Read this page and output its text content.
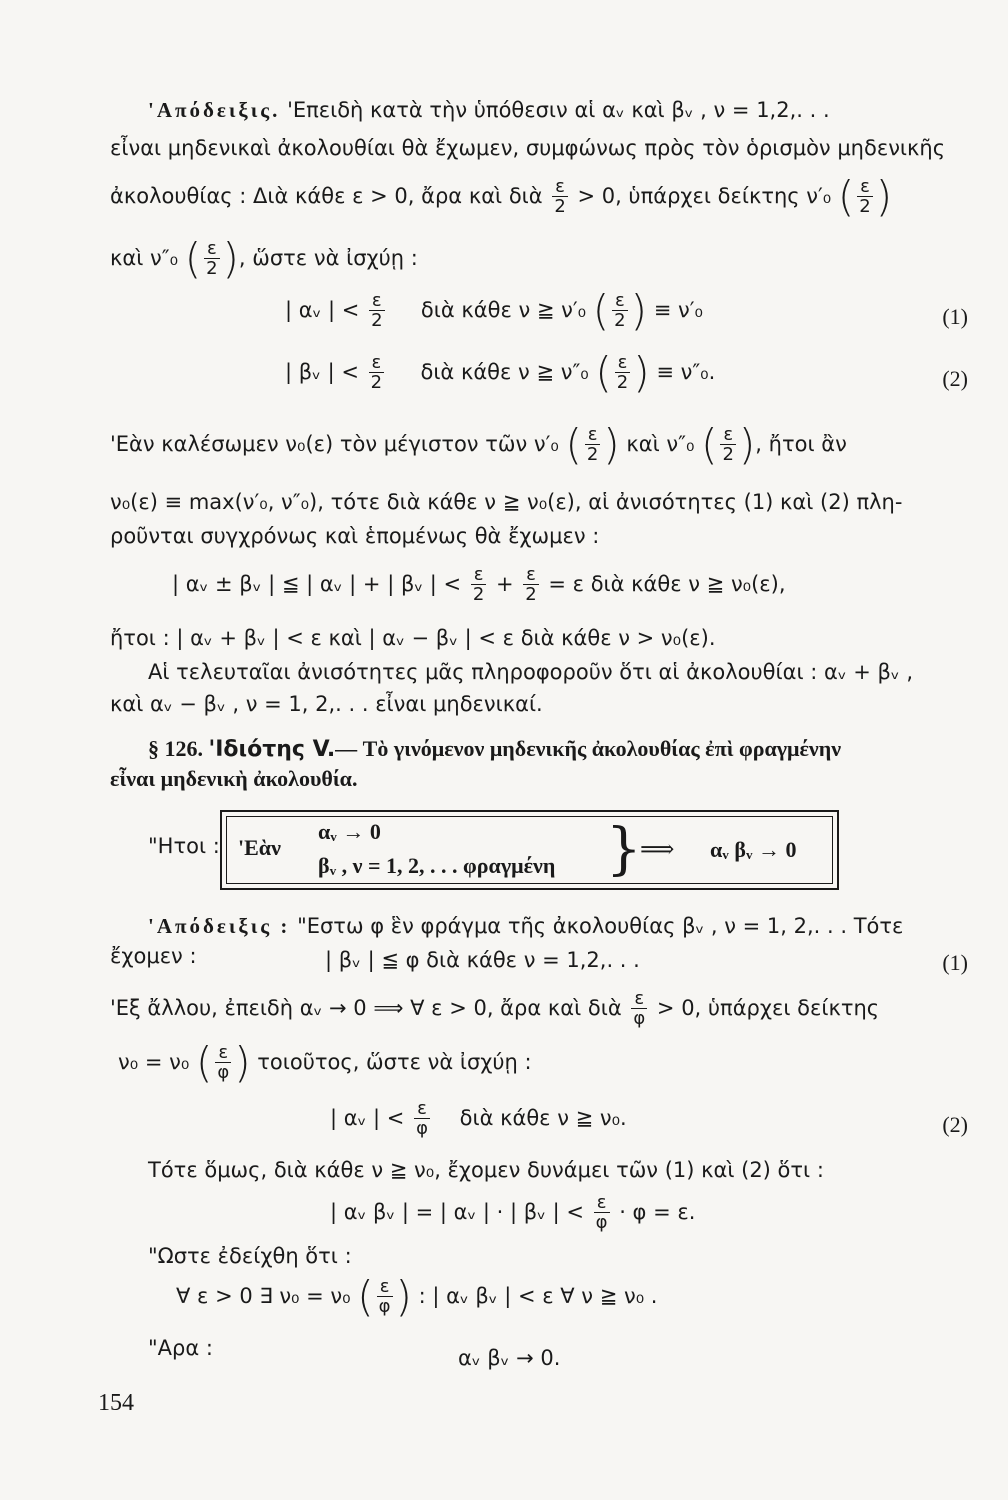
'Απόδειξις. 'Επειδὴ κατὰ τὴν ὑπόθεσιν αἱ αᵥ καὶ βᵥ , ν = 1,2,. . .
εἶναι μηδενικαὶ ἀκολουθίαι θὰ ἔχωμεν, συμφώνως πρὸς τὸν ὁρισμὸν μηδενικῆς
ἀκολουθίας : Διὰ κάθε ε > 0, ἄρα καὶ διὰ $\frac{\varepsilon}{2} > 0$, ὑπάρχει δείκτης ν′₀ ( $\frac{\varepsilon}{2}$ )
καὶ ν″₀ ( $\frac{\varepsilon}{2}$ ), ὥστε νὰ ἰσχύῃ :
| αᵥ | < $\frac{\varepsilon}{2}$ διὰ κάθε ν ≧ ν′₀ ( $\frac{\varepsilon}{2}$ ) ≡ ν′₀	(1)
| βᵥ | < $\frac{\varepsilon}{2}$ διὰ κάθε ν ≧ ν″₀ ( $\frac{\varepsilon}{2}$ ) ≡ ν″₀.	(2)
'Εὰν καλέσωμεν ν₀(ε) τὸν μέγιστον τῶν ν′₀ ( $\frac{\varepsilon}{2}$ ) καὶ ν″₀ ( $\frac{\varepsilon}{2}$ ), ἤτοι ἂν
ν₀(ε) ≡ max(ν′₀, ν″₀), τότε διὰ κάθε ν ≧ ν₀(ε), αἱ ἀνισότητες (1) καὶ (2) πλη-
ροῦνται συγχρόνως καὶ ἑπομένως θὰ ἔχωμεν :
| αᵥ ± βᵥ | ≦ | αᵥ | + | βᵥ | < $\frac{\varepsilon}{2} + \frac{\varepsilon}{2} = \varepsilon$ διὰ κάθε ν ≧ ν₀(ε),
ἤτοι : | αᵥ + βᵥ | < ε καὶ | αᵥ − βᵥ | < ε διὰ κάθε ν > ν₀(ε).
Αἱ τελευταῖαι ἀνισότητες μᾶς πληροφοροῦν ὅτι αἱ ἀκολουθίαι : αᵥ + βᵥ ,
καὶ αᵥ − βᵥ , ν = 1, 2,. . . εἶναι μηδενικαί.
§ 126. 'Ιδιότης V.— Τὸ γινόμενον μηδενικῆς ἀκολουθίας ἐπὶ φραγμένην
εἶναι μηδενικὴ ἀκολουθία.
"Ητοι : 'Εὰν
αᵥ → 0
βᵥ , ν = 1, 2, . . . φραγμένη }
⟹ αᵥ βᵥ → 0
'Απόδειξις : "Εστω φ ἓν φράγμα τῆς ἀκολουθίας βᵥ , ν = 1, 2,. . . Τότε
ἔχομεν :	| βᵥ | ≦ φ διὰ κάθε ν = 1,2,. . .	(1)
'Εξ ἄλλου, ἐπειδὴ αᵥ → 0 ⟹ ∀ ε > 0, ἄρα καὶ διὰ $\frac{\varepsilon}{\varphi} > 0$, ὑπάρχει δείκτης
ν₀ = ν₀ ( $\frac{\varepsilon}{\varphi}$ ) τοιοῦτος, ὥστε νὰ ἰσχύῃ :
| αᵥ | < $\frac{\varepsilon}{\varphi}$ διὰ κάθε ν ≧ ν₀.	(2)
Τότε ὅμως, διὰ κάθε ν ≧ ν₀, ἔχομεν δυνάμει τῶν (1) καὶ (2) ὅτι :
| αᵥ βᵥ | = | αᵥ | · | βᵥ | < $\frac{\varepsilon}{\varphi} \cdot \varphi = \varepsilon$.
"Ωστε ἐδείχθη ὅτι :
∀ ε > 0 ∃ ν₀ = ν₀ ( $\frac{\varepsilon}{\varphi}$ ) : | αᵥ βᵥ | < ε ∀ ν ≧ ν₀ .
"Αρα :	αᵥ βᵥ → 0.
154
